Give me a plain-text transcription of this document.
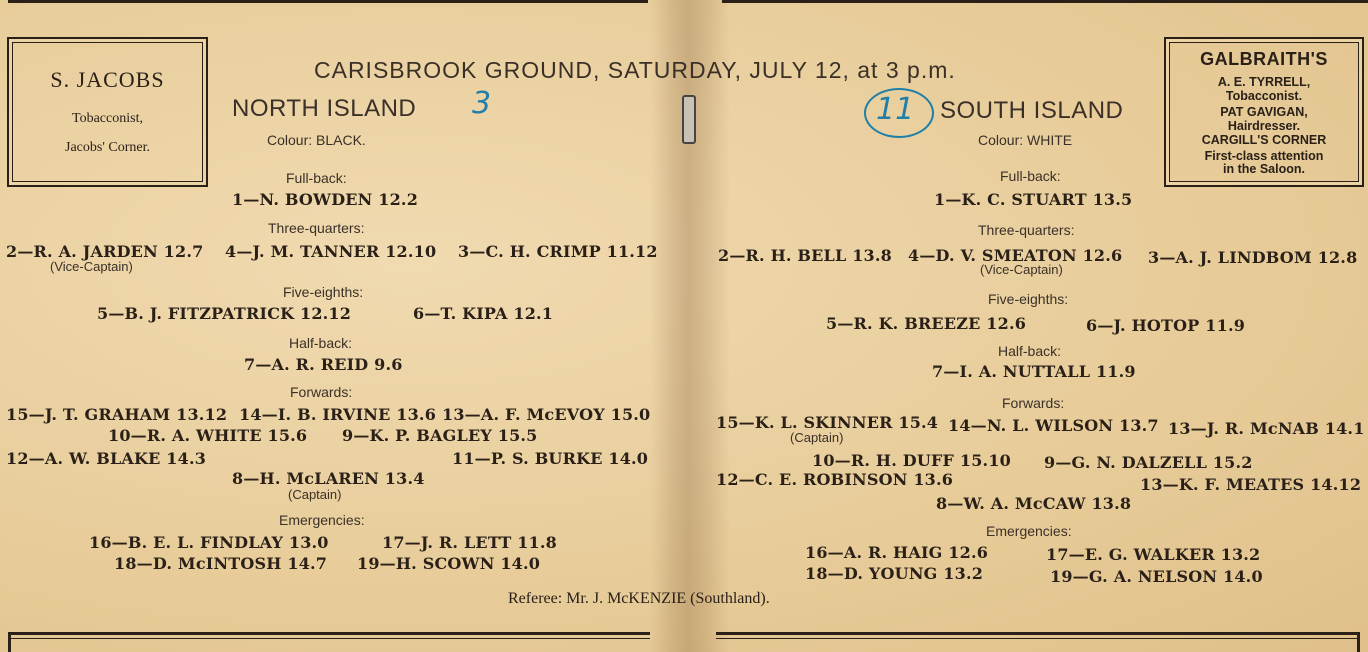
S. JACOBS
Tobacconist,
Jacobs' Corner.
GALBRAITH'S
A. E. TYRRELL,
Tobacconist.
PAT GAVIGAN,
Hairdresser.
CARGILL'S CORNER
First-class attention
in the Saloon.
CARISBROOK GROUND, SATURDAY, JULY 12, at 3 p.m.
NORTH ISLAND 3
Colour: BLACK.
Full-back:
1—N. BOWDEN 12.2
Three-quarters:
2—R. A. JARDEN 12.7 4—J. M. TANNER 12.10 3—C. H. CRIMP 11.12
(Vice-Captain)
Five-eighths:
5—B. J. FITZPATRICK 12.12	6—T. KIPA 12.1
Half-back:
7—A. R. REID 9.6
Forwards:
15—J. T. GRAHAM 13.12 14—I. B. IRVINE 13.6 13—A. F. McEVOY 15.0
10—R. A. WHITE 15.6 9—K. P. BAGLEY 15.5
12—A. W. BLAKE 14.3	11—P. S. BURKE 14.0
8—H. McLAREN 13.4
(Captain)
Emergencies:
16—B. E. L. FINDLAY 13.0	17—J. R. LETT 11.8
18—D. McINTOSH 14.7 19—H. SCOWN 14.0
11 SOUTH ISLAND
Colour: WHITE
Full-back:
1—K. C. STUART 13.5
Three-quarters:
2—R. H. BELL 13.8 4—D. V. SMEATON 12.6 3—A. J. LINDBOM 12.8
(Vice-Captain)
Five-eighths:
5—R. K. BREEZE 12.6	6—J. HOTOP 11.9
Half-back:
7—I. A. NUTTALL 11.9
Forwards:
15—K. L. SKINNER 15.4 14—N. L. WILSON 13.7 13—J. R. McNAB 14.1
(Captain)
10—R. H. DUFF 15.10 9—G. N. DALZELL 15.2
12—C. E. ROBINSON 13.6	13—K. F. MEATES 14.12
8—W. A. McCAW 13.8
Emergencies:
16—A. R. HAIG 12.6	17—E. G. WALKER 13.2
18—D. YOUNG 13.2	19—G. A. NELSON 14.0
Referee: Mr. J. McKENZIE (Southland).
